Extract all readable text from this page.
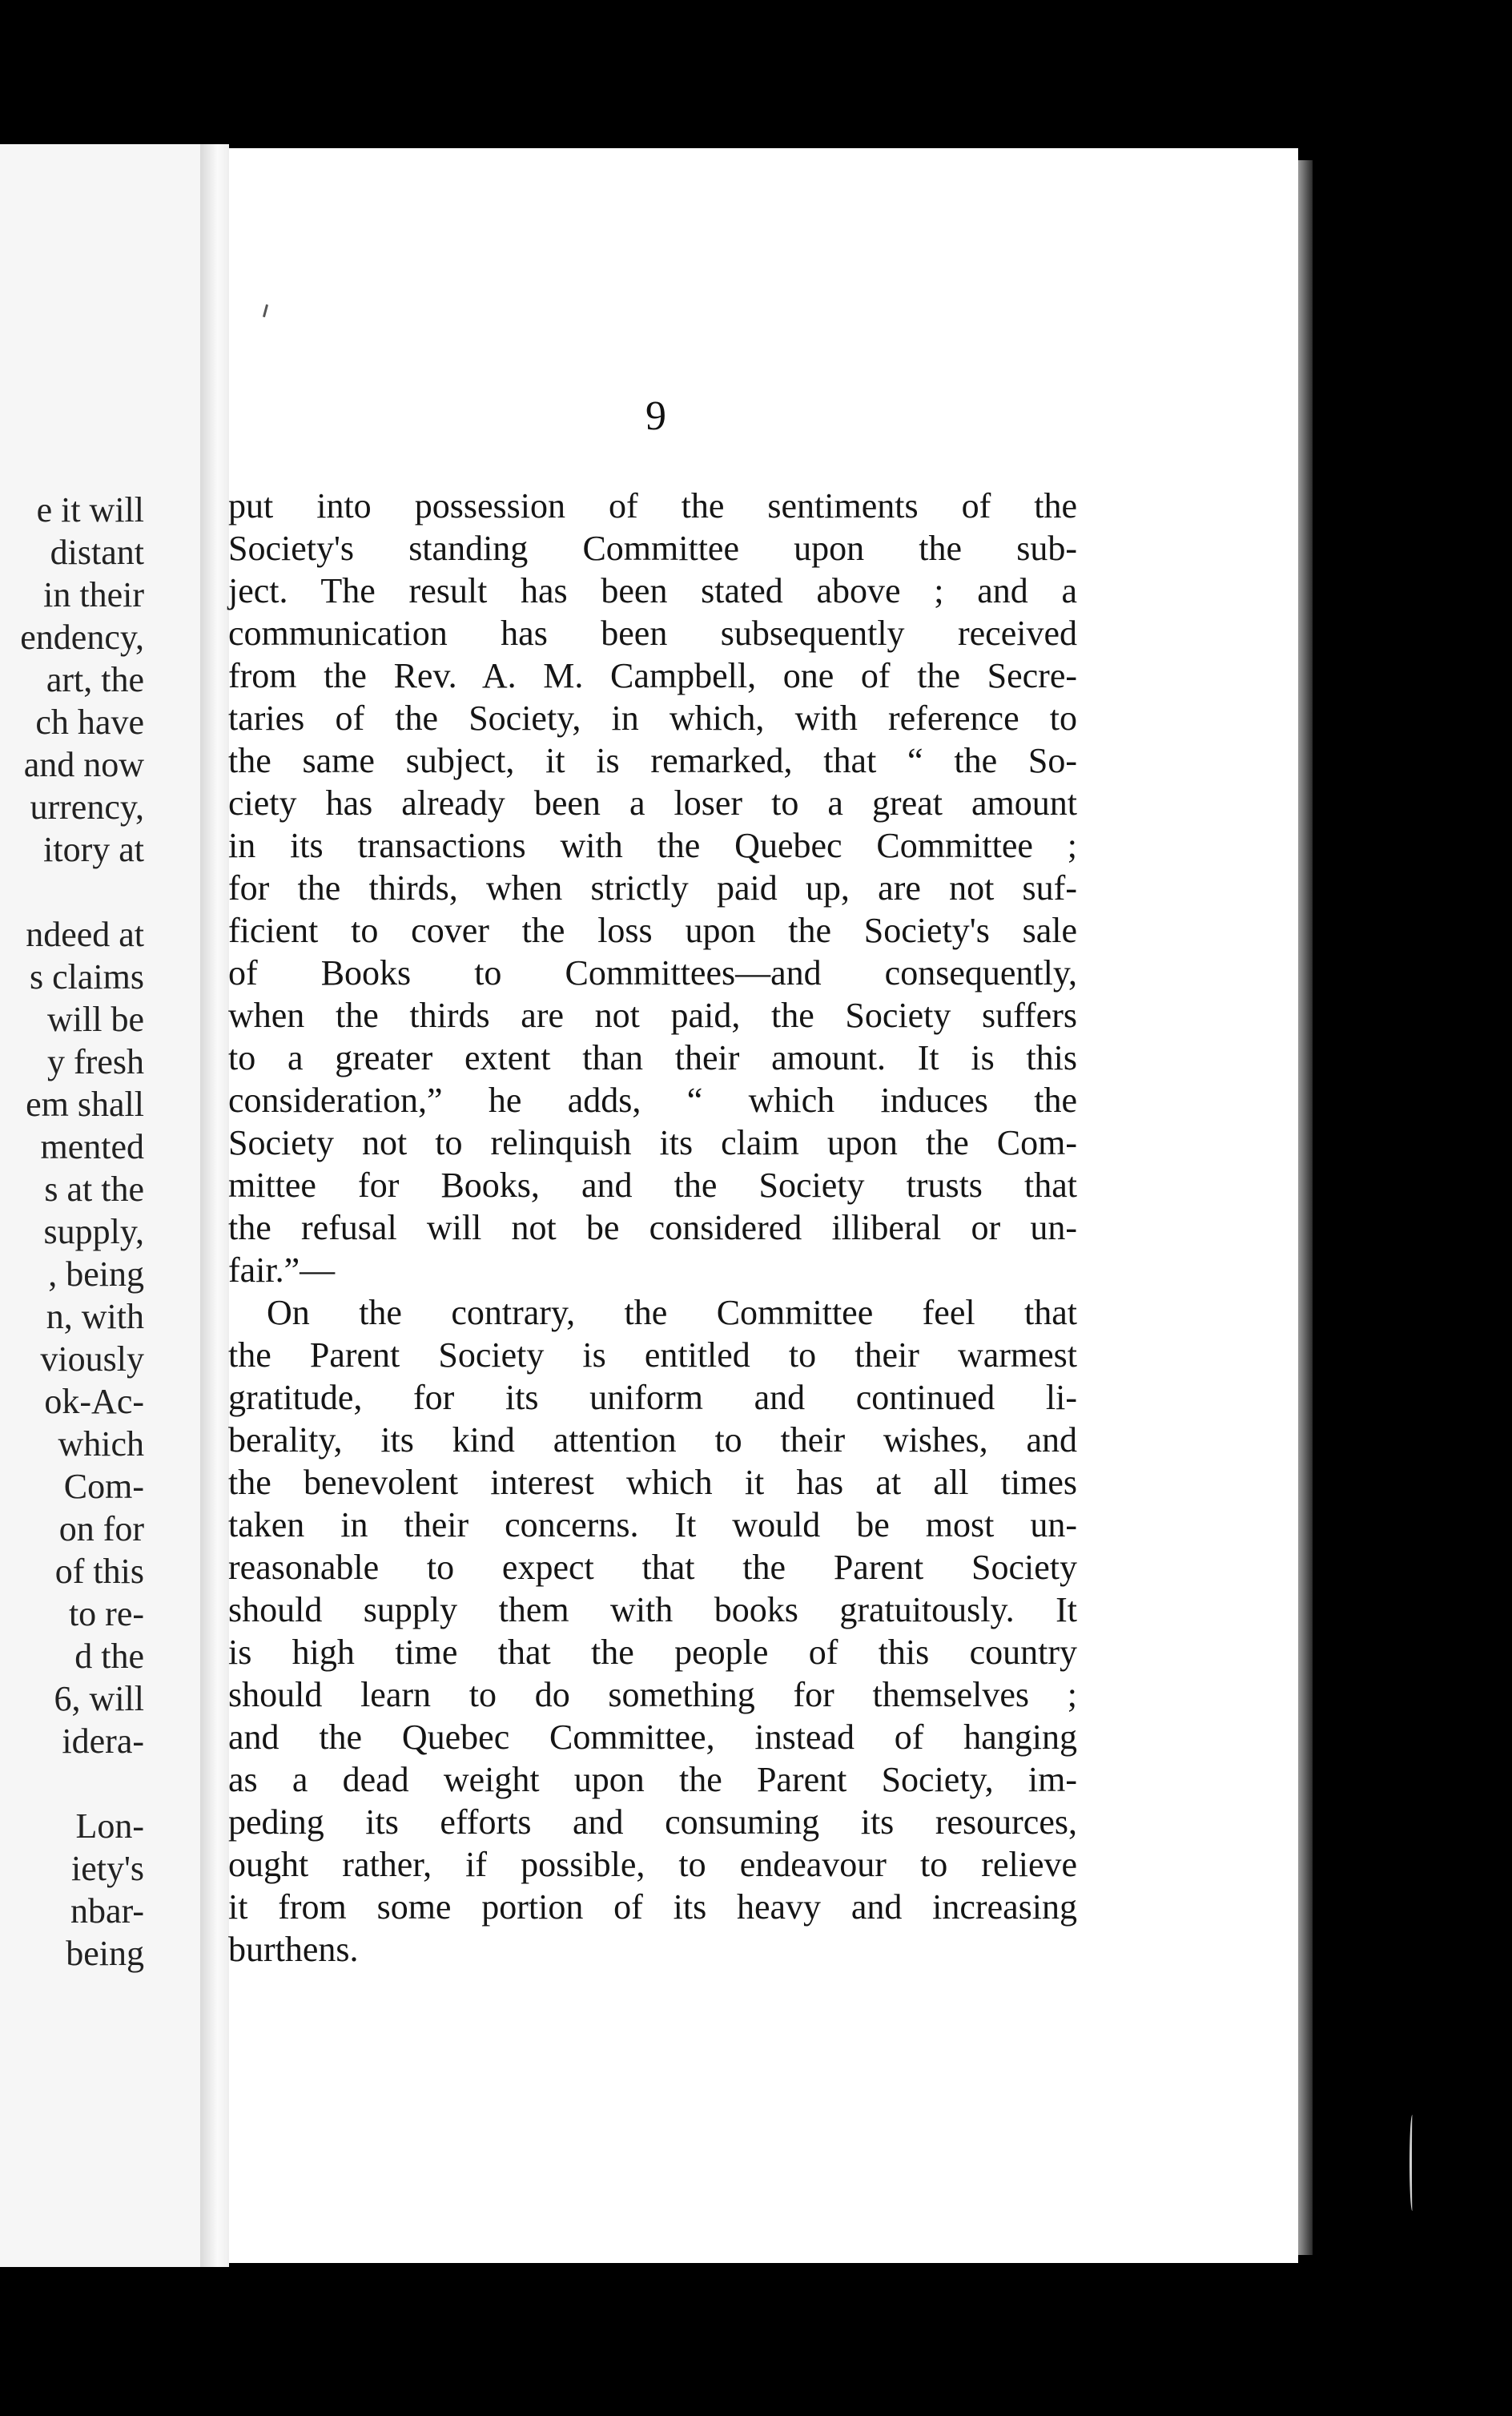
e it will
distant
in their
endency,
art, the
ch have
and now
urrency,
itory at
ndeed at
s claims
will be
y fresh
em shall
mented
s at the
supply,
, being
n, with
viously
ok-Ac-
which
Com-
on for
of this
to re-
d the
6, will
idera-
Lon-
iety's
nbar-
being
9
put into possession of the sentiments of the
Society's standing Committee upon the sub-
ject. The result has been stated above ; and a
communication has been subsequently received
from the Rev. A. M. Campbell, one of the Secre-
taries of the Society, in which, with reference to
the same subject, it is remarked, that “ the So-
ciety has already been a loser to a great amount
in its transactions with the Quebec Committee ;
for the thirds, when strictly paid up, are not suf-
ficient to cover the loss upon the Society's sale
of Books to Committees—and consequently,
when the thirds are not paid, the Society suffers
to a greater extent than their amount. It is this
consideration,” he adds, “ which induces the
Society not to relinquish its claim upon the Com-
mittee for Books, and the Society trusts that
the refusal will not be considered illiberal or un-
fair.”—
On the contrary, the Committee feel that
the Parent Society is entitled to their warmest
gratitude, for its uniform and continued li-
berality, its kind attention to their wishes, and
the benevolent interest which it has at all times
taken in their concerns. It would be most un-
reasonable to expect that the Parent Society
should supply them with books gratuitously. It
is high time that the people of this country
should learn to do something for themselves ;
and the Quebec Committee, instead of hanging
as a dead weight upon the Parent Society, im-
peding its efforts and consuming its resources,
ought rather, if possible, to endeavour to relieve
it from some portion of its heavy and increasing
burthens.
